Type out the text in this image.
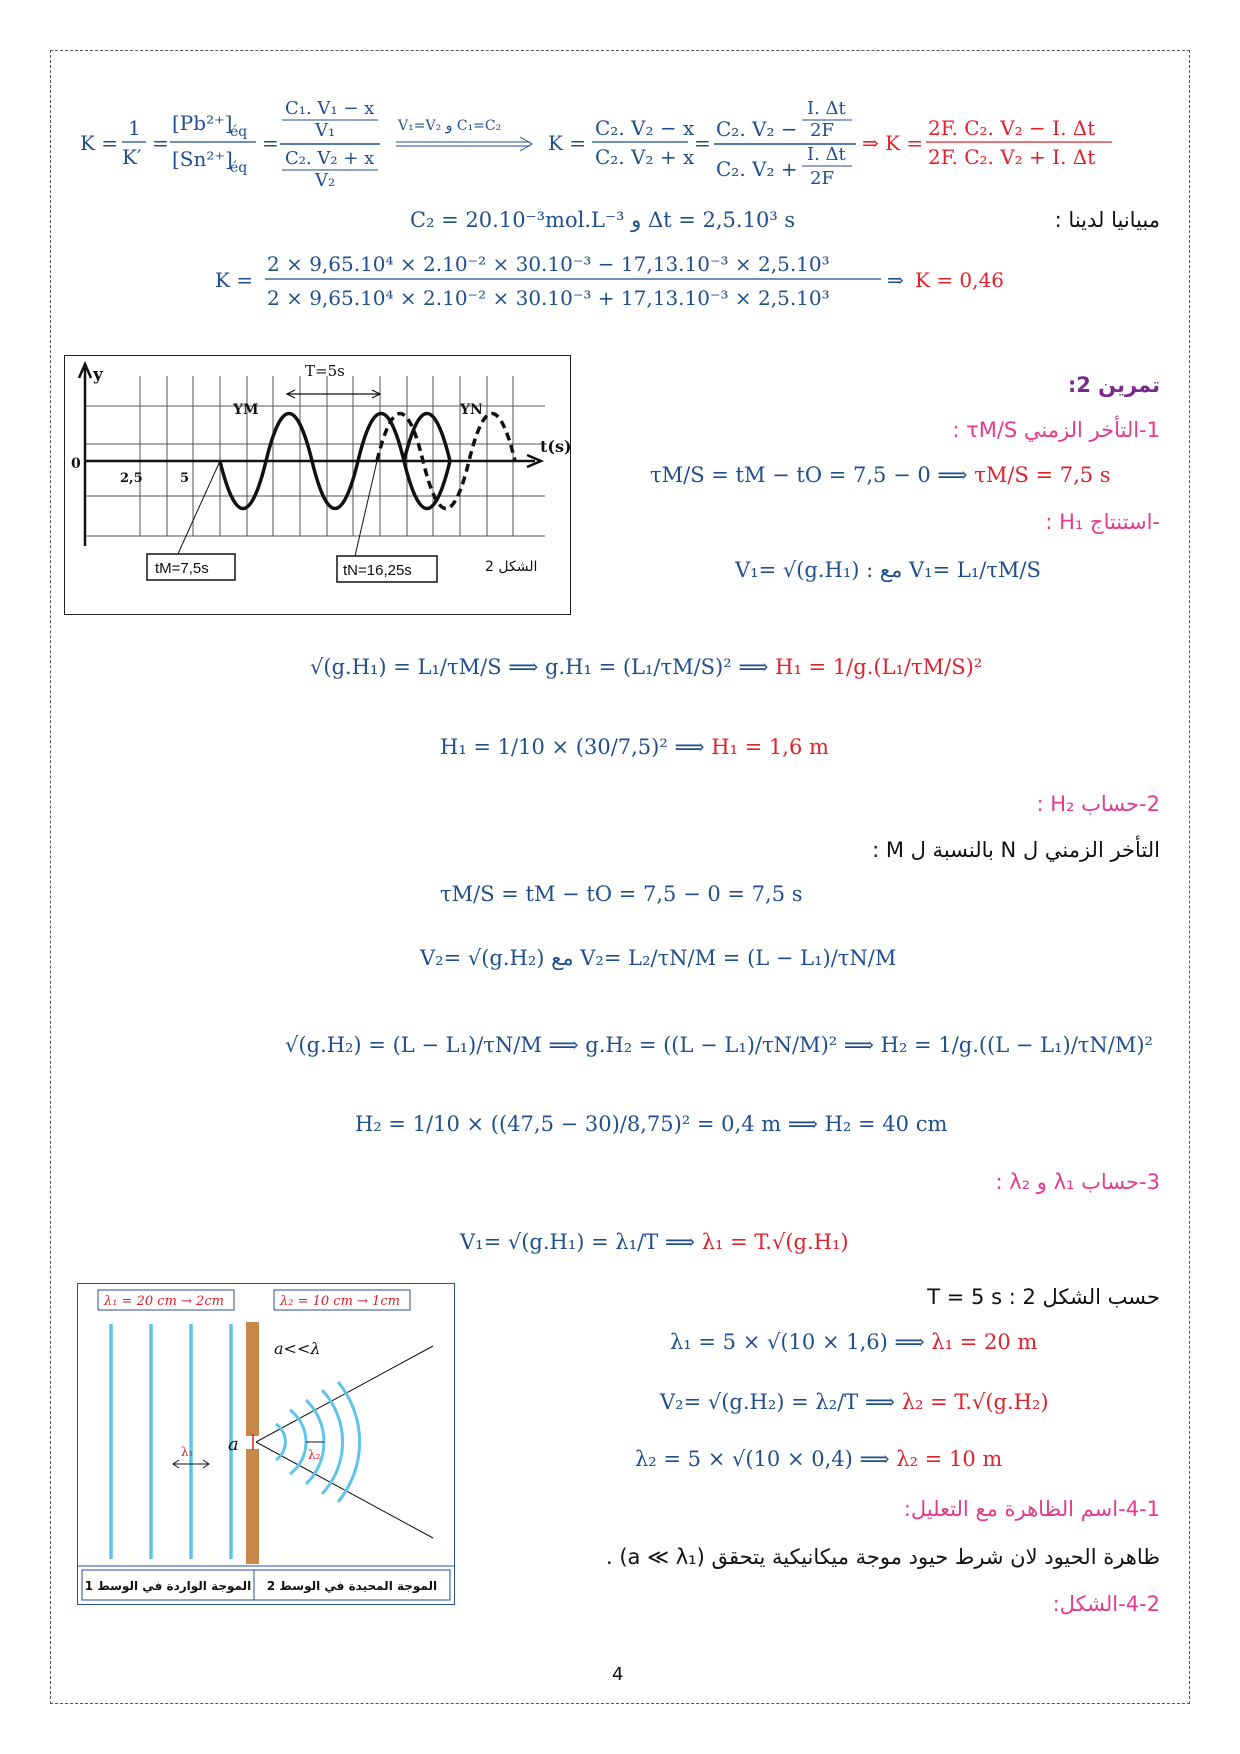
K =
1
K′
=
[Pb²⁺]
éq
[Sn²⁺]
éq
=
C₁. V₁ − x
V₁
C₂. V₂ + x
V₂
V₁=V₂ و C₁=C₂
K =
C₂. V₂ − x
C₂. V₂ + x
=
C₂. V₂ −
I. Δt
2F
C₂. V₂ +
I. Δt
2F
⇒ K =
2F. C₂. V₂ − I. Δt
2F. C₂. V₂ + I. Δt
C₂ = 20.10⁻³mol.L⁻³ و Δt = 2,5.10³ s	مبيانيا لدينا :
K =
2 × 9,65.10⁴ × 2.10⁻² × 30.10⁻³ − 17,13.10⁻³ × 2,5.10³
2 × 9,65.10⁴ × 2.10⁻² × 30.10⁻³ + 17,13.10⁻³ × 2,5.10³
⇒ K = 0,46
y
t(s)
0
2,5	5
T=5s
YM	YN
tM=7,5s	tN=16,25s	الشكل 2
تمرين 2:
1-التأخر الزمني τM/S :
τM/S = tM − tO = 7,5 − 0 ⟹ τM/S = 7,5 s
-استنتاج H₁ :
V₁= √(g.H₁) : مع V₁= L₁/τM/S
√(g.H₁) = L₁/τM/S ⟹ g.H₁ = (L₁/τM/S)² ⟹ H₁ = 1/g.(L₁/τM/S)²
H₁ = 1/10 × (30/7,5)² ⟹ H₁ = 1,6 m
2-حساب H₂ :
التأخر الزمني ل N بالنسبة ل M :
τM/S = tM − tO = 7,5 − 0 = 7,5 s
V₂= √(g.H₂) مع V₂= L₂/τN/M = (L − L₁)/τN/M
√(g.H₂) = (L − L₁)/τN/M ⟹ g.H₂ = ((L − L₁)/τN/M)² ⟹ H₂ = 1/g.((L − L₁)/τN/M)²
H₂ = 1/10 × ((47,5 − 30)/8,75)² = 0,4 m ⟹ H₂ = 40 cm
3-حساب λ₁ و λ₂ :
V₁= √(g.H₁) = λ₁/T ⟹ λ₁ = T.√(g.H₁)
حسب الشكل 2 : T = 5 s
λ₁ = 5 × √(10 × 1,6) ⟹ λ₁ = 20 m
V₂= √(g.H₂) = λ₂/T ⟹ λ₂ = T.√(g.H₂)
λ₂ = 5 × √(10 × 0,4) ⟹ λ₂ = 10 m
4-1-اسم الظاهرة مع التعليل:
ظاهرة الحيود لان شرط حيود موجة ميكانيكية يتحقق (a ≪ λ₁) .
4-2-الشكل:
λ₁ = 20 cm → 2cm	λ₂ = 10 cm → 1cm
λ₁	λ₂
a
a<<λ
الموجة الواردة في الوسط 1 الموجة المحيدة في الوسط 2
4
